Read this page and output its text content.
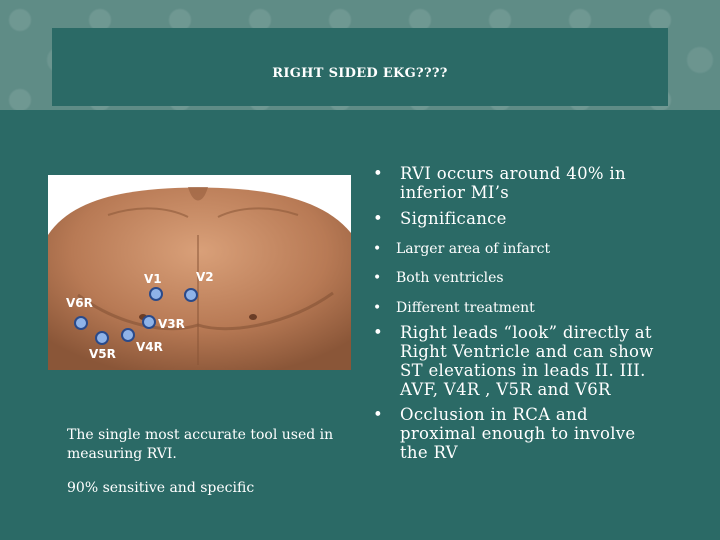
RIGHT SIDED EKG????
V1	V2
V6R
V3R
V4R
V5R
The single most accurate tool used in
measuring RVI.
90% sensitive and specific
• RVI occurs around 40% in
inferior MI’s
• Significance
• Larger area of infarct
• Both ventricles
• Different treatment
• Right leads “look” directly at
Right Ventricle and can show
ST elevations in leads II. III.
AVF, V4R , V5R and V6R
• Occlusion in RCA and
proximal enough to involve
the RV
